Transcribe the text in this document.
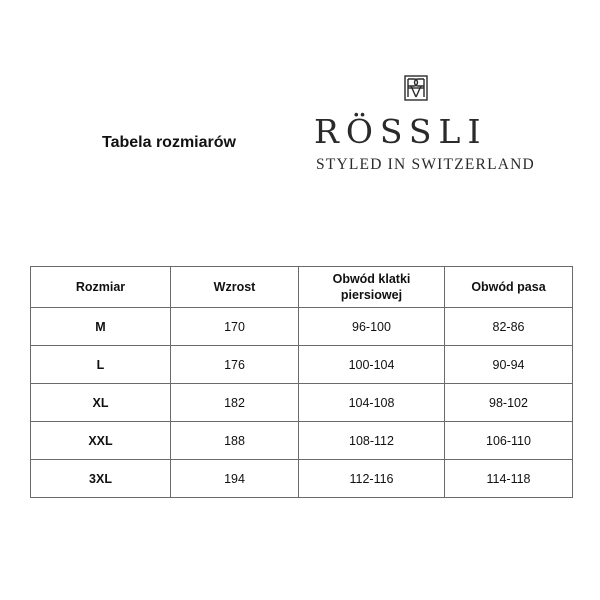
Tabela rozmiarów RÖSSLI
STYLED IN SWITZERLAND
Rozmiar	Wzrost	Obwód klatki piersiowej	Obwód pasa
M	170	96-100	82-86
L	176	100-104	90-94
XL	182	104-108	98-102
XXL	188	108-112	106-110
3XL	194	112-116	114-118
